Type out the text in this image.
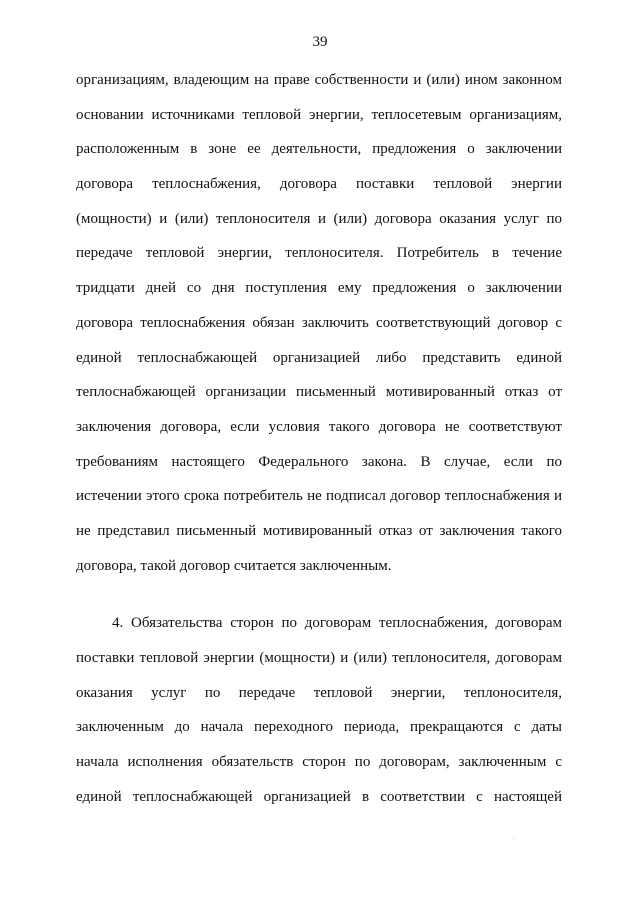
39
организациям, владеющим на праве собственности и (или) ином законном
основании источниками тепловой энергии, теплосетевым организациям,
расположенным в зоне ее деятельности, предложения о заключении
договора теплоснабжения, договора поставки тепловой энергии
(мощности) и (или) теплоносителя и (или) договора оказания услуг по
передаче тепловой энергии, теплоносителя. Потребитель в течение
тридцати дней со дня поступления ему предложения о заключении
договора теплоснабжения обязан заключить соответствующий договор с
единой теплоснабжающей организацией либо представить единой
теплоснабжающей организации письменный мотивированный отказ от
заключения договора, если условия такого договора не соответствуют
требованиям настоящего Федерального закона. В случае, если по
истечении этого срока потребитель не подписал договор теплоснабжения и
не представил письменный мотивированный отказ от заключения такого
договора, такой договор считается заключенным.
4. Обязательства сторон по договорам теплоснабжения, договорам
поставки тепловой энергии (мощности) и (или) теплоносителя, договорам
оказания услуг по передаче тепловой энергии, теплоносителя,
заключенным до начала переходного периода, прекращаются с даты
начала исполнения обязательств сторон по договорам, заключенным с
единой теплоснабжающей организацией в соответствии с настоящей
